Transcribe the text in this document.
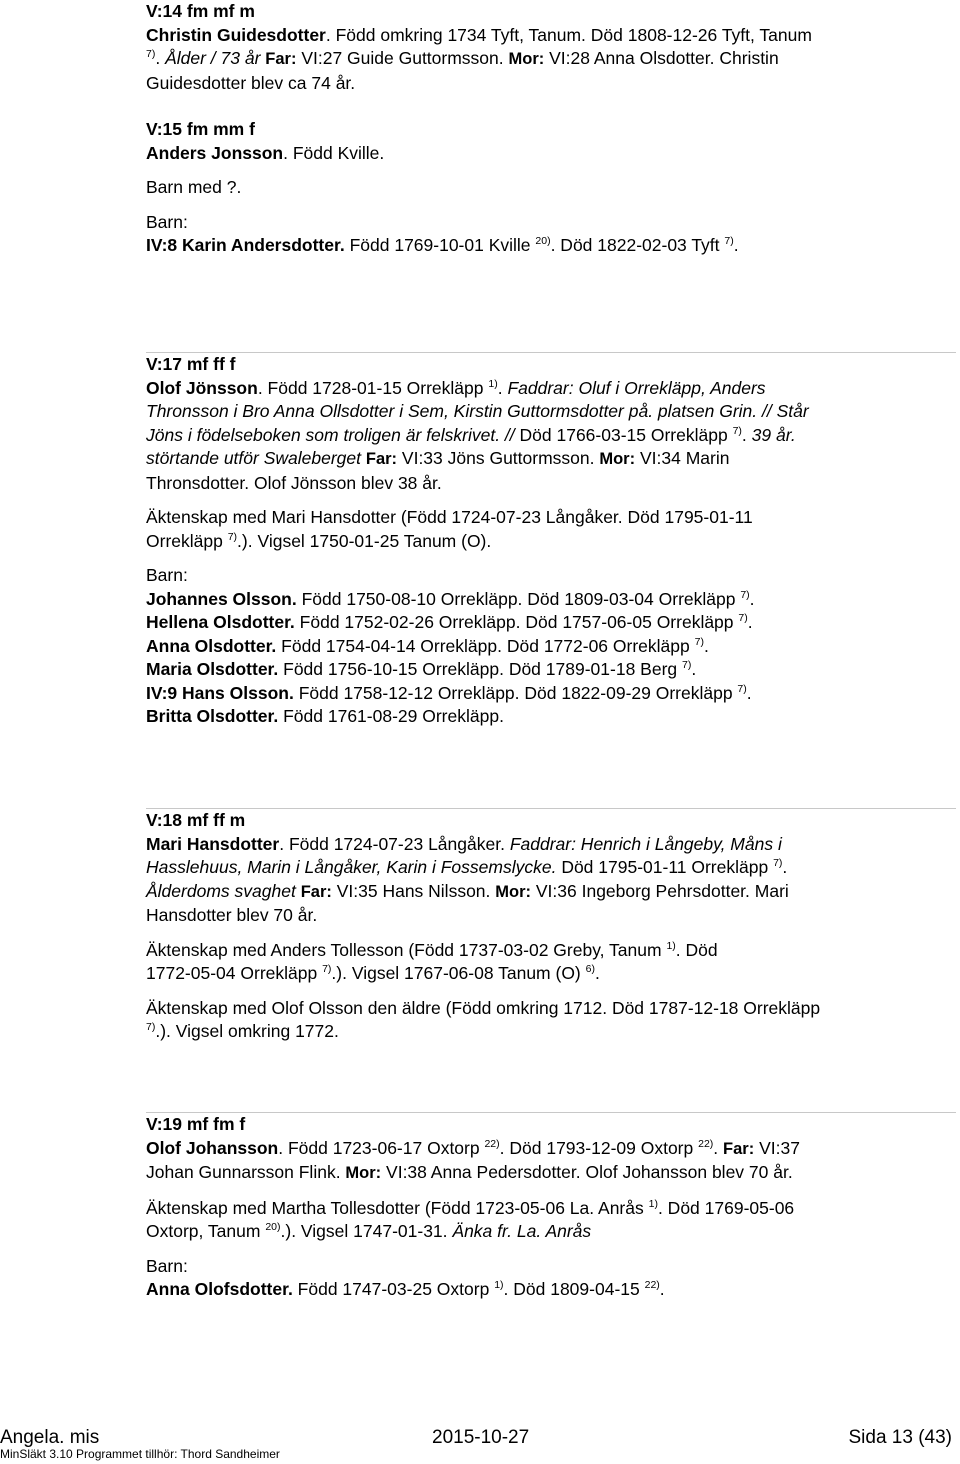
V:14 fm mf m

Christin Guidesdotter. Född omkring 1734 Tyft, Tanum. Död 1808-12-26 Tyft, Tanum

$^{7)}$. Ålder / 73 år Far: VI:27 Guide Guttormsson. Mor: VI:28 Anna Olsdotter. Christin

Guidesdotter blev ca 74 år.

V:15 fm mm f

Anders Jonsson. Född Kville.

Barn med ?.

Barn:

IV:8 Karin Andersdotter. Född 1769-10-01 Kville $^{20)}$. Död 1822-02-03 Tyft $^{7)}$.

V:17 mf ff f

Olof Jönsson. Född 1728-01-15 Orrekläpp $^{1)}$. Faddrar: Oluf i Orrekläpp, Anders

Thronsson i Bro Anna Ollsdotter i Sem, Kirstin Guttormsdotter på. platsen Grin. // Står

Jöns i födelseboken som troligen är felskrivet. // Död 1766-03-15 Orrekläpp $^{7)}$. 39 år.

störtande utför Swaleberget Far: VI:33 Jöns Guttormsson. Mor: VI:34 Marin

Thronsdotter. Olof Jönsson blev 38 år.

Äktenskap med Mari Hansdotter (Född 1724-07-23 Långåker. Död 1795-01-11

Orrekläpp $^{7)}$.). Vigsel 1750-01-25 Tanum (O).

Barn:

Johannes Olsson. Född 1750-08-10 Orrekläpp. Död 1809-03-04 Orrekläpp $^{7)}$.

Hellena Olsdotter. Född 1752-02-26 Orrekläpp. Död 1757-06-05 Orrekläpp $^{7)}$.

Anna Olsdotter. Född 1754-04-14 Orrekläpp. Död 1772-06 Orrekläpp $^{7)}$.

Maria Olsdotter. Född 1756-10-15 Orrekläpp. Död 1789-01-18 Berg $^{7)}$.

IV:9 Hans Olsson. Född 1758-12-12 Orrekläpp. Död 1822-09-29 Orrekläpp $^{7)}$.

Britta Olsdotter. Född 1761-08-29 Orrekläpp.

V:18 mf ff m

Mari Hansdotter. Född 1724-07-23 Långåker. Faddrar: Henrich i Långeby, Måns i

Hasslehuus, Marin i Långåker, Karin i Fossemslycke. Död 1795-01-11 Orrekläpp $^{7)}$.

Ålderdoms svaghet Far: VI:35 Hans Nilsson. Mor: VI:36 Ingeborg Pehrsdotter. Mari

Hansdotter blev 70 år.

Äktenskap med Anders Tollesson (Född 1737-03-02 Greby, Tanum $^{1)}$. Död

1772-05-04 Orrekläpp $^{7)}$.). Vigsel 1767-06-08 Tanum (O) $^{6)}$.

Äktenskap med Olof Olsson den äldre (Född omkring 1712. Död 1787-12-18 Orrekläpp

$^{7)}$.). Vigsel omkring 1772.

V:19 mf fm f

Olof Johansson. Född 1723-06-17 Oxtorp $^{22)}$. Död 1793-12-09 Oxtorp $^{22)}$. Far: VI:37

Johan Gunnarsson Flink. Mor: VI:38 Anna Pedersdotter. Olof Johansson blev 70 år.

Äktenskap med Martha Tollesdotter (Född 1723-05-06 La. Anrås $^{1)}$. Död 1769-05-06

Oxtorp, Tanum $^{20)}$.). Vigsel 1747-01-31. Änka fr. La. Anrås

Barn:

Anna Olofsdotter. Född 1747-03-25 Oxtorp $^{1)}$. Död 1809-04-15 $^{22)}$.

Angela. mis	2015-10-27	Sida 13 (43)
MinSläkt 3.10 Programmet tillhör: Thord Sandheimer
